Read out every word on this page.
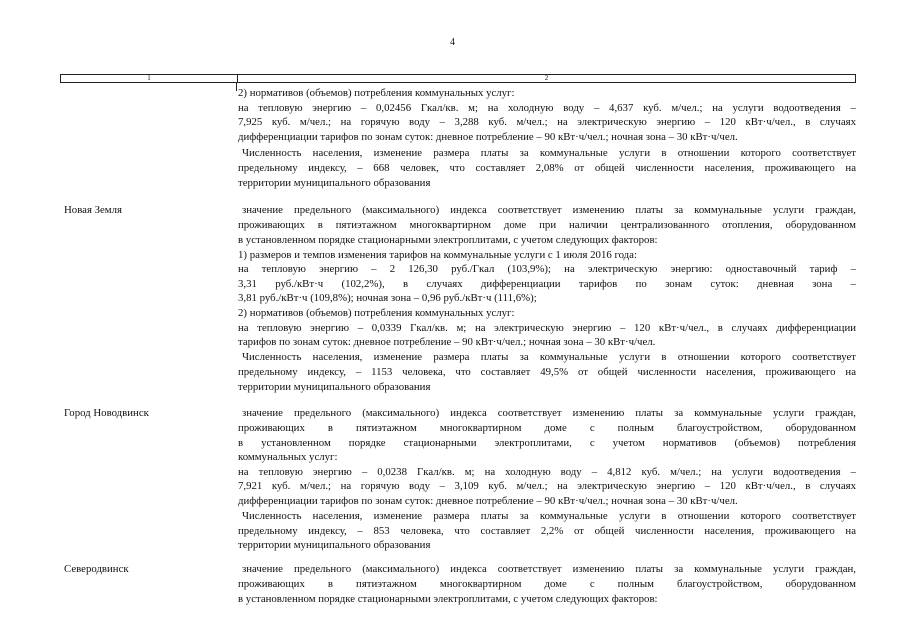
4
1	2
2) нормативов (объемов) потребления коммунальных услуг:
на тепловую энергию – 0,02456 Гкал/кв. м; на холодную воду – 4,637 куб. м/чел.; на услуги водоотведения –
7,925 куб. м/чел.; на горячую воду – 3,288 куб. м/чел.; на электрическую энергию – 120 кВт·ч/чел., в случаях
дифференциации тарифов по зонам суток: дневное потребление – 90 кВт·ч/чел.; ночная зона – 30 кВт·ч/чел.
Численность населения, изменение размера платы за коммунальные услуги в отношении которого соответствует
предельному индексу, – 668 человек, что составляет 2,08% от общей численности населения, проживающего на
территории муниципального образования
Новая Земля	значение предельного (максимального) индекса соответствует изменению платы за коммунальные услуги граждан,
проживающих в пятиэтажном многоквартирном доме при наличии централизованного отопления, оборудованном
в установленном порядке стационарными электроплитами, с учетом следующих факторов:
1) размеров и темпов изменения тарифов на коммунальные услуги с 1 июля 2016 года:
на тепловую энергию – 2 126,30 руб./Гкал (103,9%); на электрическую энергию: одноставочный тариф –
3,31 руб./кВт·ч (102,2%), в случаях дифференциации тарифов по зонам суток: дневная зона –
3,81 руб./кВт·ч (109,8%); ночная зона – 0,96 руб./кВт·ч (111,6%);
2) нормативов (объемов) потребления коммунальных услуг:
на тепловую энергию – 0,0339 Гкал/кв. м; на электрическую энергию – 120 кВт·ч/чел., в случаях дифференциации
тарифов по зонам суток: дневное потребление – 90 кВт·ч/чел.; ночная зона – 30 кВт·ч/чел.
Численность населения, изменение размера платы за коммунальные услуги в отношении которого соответствует
предельному индексу, – 1153 человека, что составляет 49,5% от общей численности населения, проживающего на
территории муниципального образования
Город Новодвинск	значение предельного (максимального) индекса соответствует изменению платы за коммунальные услуги граждан,
проживающих в пятиэтажном многоквартирном доме с полным благоустройством, оборудованном
в установленном порядке стационарными электроплитами, с учетом нормативов (объемов) потребления
коммунальных услуг:
на тепловую энергию – 0,0238 Гкал/кв. м; на холодную воду – 4,812 куб. м/чел.; на услуги водоотведения –
7,921 куб. м/чел.; на горячую воду – 3,109 куб. м/чел.; на электрическую энергию – 120 кВт·ч/чел., в случаях
дифференциации тарифов по зонам суток: дневное потребление – 90 кВт·ч/чел.; ночная зона – 30 кВт·ч/чел.
Численность населения, изменение размера платы за коммунальные услуги в отношении которого соответствует
предельному индексу, – 853 человека, что составляет 2,2% от общей численности населения, проживающего на
территории муниципального образования
Северодвинск	значение предельного (максимального) индекса соответствует изменению платы за коммунальные услуги граждан,
проживающих в пятиэтажном многоквартирном доме с полным благоустройством, оборудованном
в установленном порядке стационарными электроплитами, с учетом следующих факторов:
